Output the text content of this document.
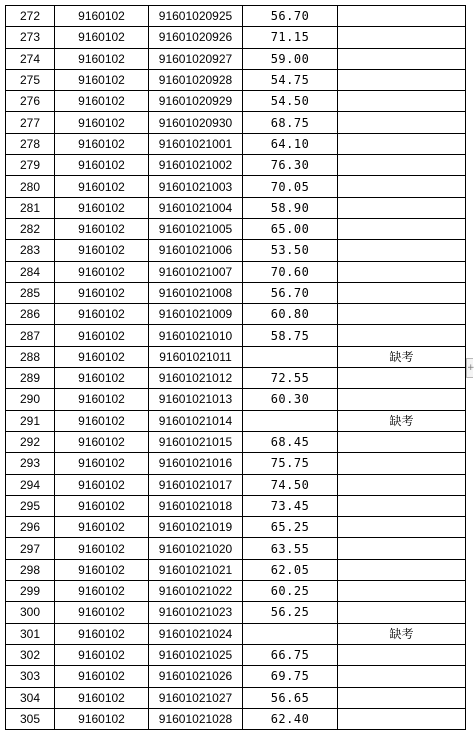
272	9160102	91601020925	56.70	
273	9160102	91601020926	71.15	
274	9160102	91601020927	59.00	
275	9160102	91601020928	54.75	
276	9160102	91601020929	54.50	
277	9160102	91601020930	68.75	
278	9160102	91601021001	64.10	
279	9160102	91601021002	76.30	
280	9160102	91601021003	70.05	
281	9160102	91601021004	58.90	
282	9160102	91601021005	65.00	
283	9160102	91601021006	53.50	
284	9160102	91601021007	70.60	
285	9160102	91601021008	56.70	
286	9160102	91601021009	60.80	
287	9160102	91601021010	58.75	
288	9160102	91601021011		缺考
289	9160102	91601021012	72.55	
290	9160102	91601021013	60.30	
291	9160102	91601021014		缺考
292	9160102	91601021015	68.45	
293	9160102	91601021016	75.75	
294	9160102	91601021017	74.50	
295	9160102	91601021018	73.45	
296	9160102	91601021019	65.25	
297	9160102	91601021020	63.55	
298	9160102	91601021021	62.05	
299	9160102	91601021022	60.25	
300	9160102	91601021023	56.25	
301	9160102	91601021024		缺考
302	9160102	91601021025	66.75	
303	9160102	91601021026	69.75	
304	9160102	91601021027	56.65	
305	9160102	91601021028	62.40	
+
